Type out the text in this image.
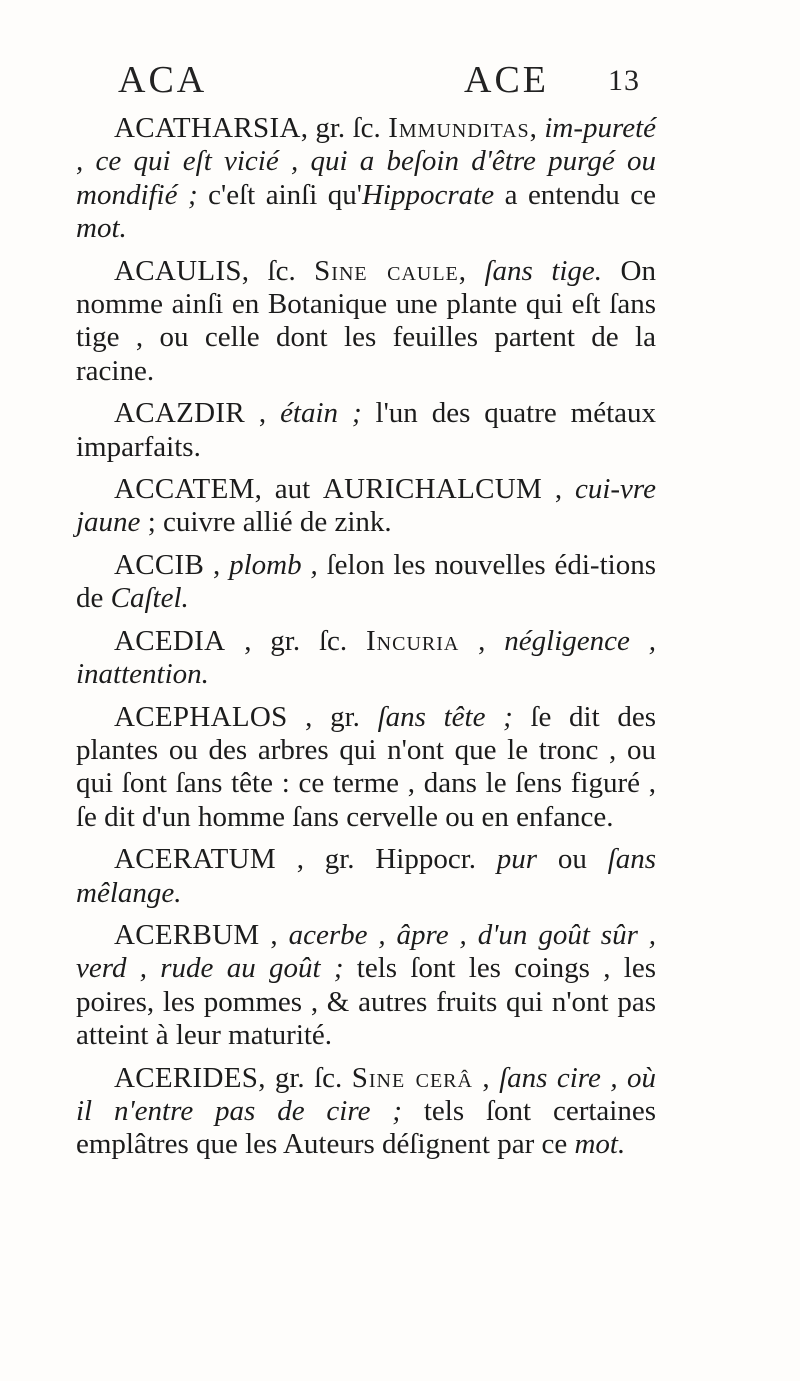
ACA	ACE 13

ACATHARSIA, gr. ſc. Immunditas, im-pureté , ce qui eſt vicié , qui a beſoin d'être purgé ou mondifié ; c'eſt ainſi qu'Hippocrate a entendu ce mot.

ACAULIS, ſc. Sine caule, ſans tige. On nomme ainſi en Botanique une plante qui eſt ſans tige , ou celle dont les feuilles partent de la racine.

ACAZDIR , étain ; l'un des quatre métaux imparfaits.

ACCATEM, aut AURICHALCUM , cui-vre jaune ; cuivre allié de zink.

ACCIB , plomb , ſelon les nouvelles édi-tions de Caſtel.

ACEDIA , gr. ſc. Incuria , négligence , inattention.

ACEPHALOS , gr. ſans tête ; ſe dit des plantes ou des arbres qui n'ont que le tronc , ou qui ſont ſans tête : ce terme , dans le ſens figuré , ſe dit d'un homme ſans cervelle ou en enfance.

ACERATUM , gr. Hippocr. pur ou ſans mêlange.

ACERBUM , acerbe , âpre , d'un goût sûr , verd , rude au goût ; tels ſont les coings , les poires, les pommes , & autres fruits qui n'ont pas atteint à leur maturité.

ACERIDES, gr. ſc. Sine cerâ , ſans cire , où il n'entre pas de cire ; tels ſont certaines emplâtres que les Auteurs déſignent par ce mot.
